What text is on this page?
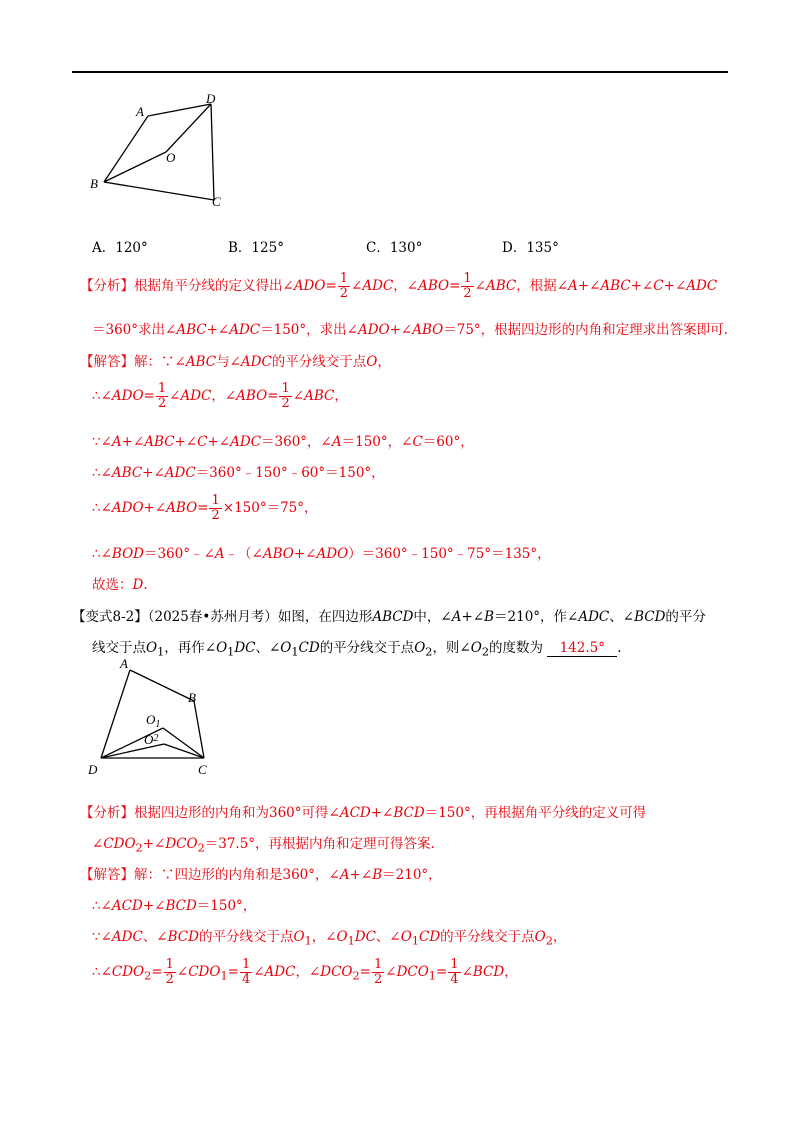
A
D
O
B
C
A．120°	B．125°	C．130°	D．135°
【分析】根据角平分线的定义得出∠ADO= $\frac{1}{2}$ ∠ADC，∠ABO= $\frac{1}{2}$ ∠ABC，根据∠A+∠ABC+∠C+∠ADC
＝360°求出∠ABC+∠ADC＝150°，求出∠ADO+∠ABO＝75°，根据四边形的内角和定理求出答案即可.
【解答】解：∵∠ABC与∠ADC的平分线交于点O，
∴∠ADO= $\frac{1}{2}$ ∠ADC，∠ABO= $\frac{1}{2}$ ∠ABC，
∵∠A+∠ABC+∠C+∠ADC＝360°，∠A＝150°，∠C＝60°，
∴∠ABC+∠ADC＝360°﹣150°﹣60°＝150°，
∴∠ADO+∠ABO= $\frac{1}{2} \times 150^\circ=75^\circ$，
∴∠BOD＝360°﹣∠A﹣（∠ABO+∠ADO）＝360°﹣150°﹣75°＝135°，
故选：D.
【变式8-2】（2025春•苏州月考）如图，在四边形ABCD中，∠A+∠B＝210°，作∠ADC、∠BCD的平分
线交于点$O_1$，再作$\angle O_1DC$、$\angle O_1CD$的平分线交于点$O_2$，则$\angle O_2$的度数为 142.5° .
A
B
$O_1$
$O^2$
D	C
【分析】根据四边形的内角和为360°可得∠ACD+∠BCD＝150°，再根据角平分线的定义可得
$\angle CDO_2+\angle DCO_2=37.5^\circ$，再根据内角和定理可得答案.
【解答】解：∵四边形的内角和是360°，∠A+∠B＝210°，
∴∠ACD+∠BCD＝150°，
∵∠ADC、∠BCD的平分线交于点$O_1$，$\angle O_1DC$、$\angle O_1CD$的平分线交于点$O_2$，
$\therefore\angle CDO_2= \frac{1}{2}$ $\angle CDO_1= \frac{1}{4}$ ∠ADC，$\angle DCO_2= \frac{1}{2}$ $\angle DCO_1= \frac{1}{4}$ ∠BCD，
